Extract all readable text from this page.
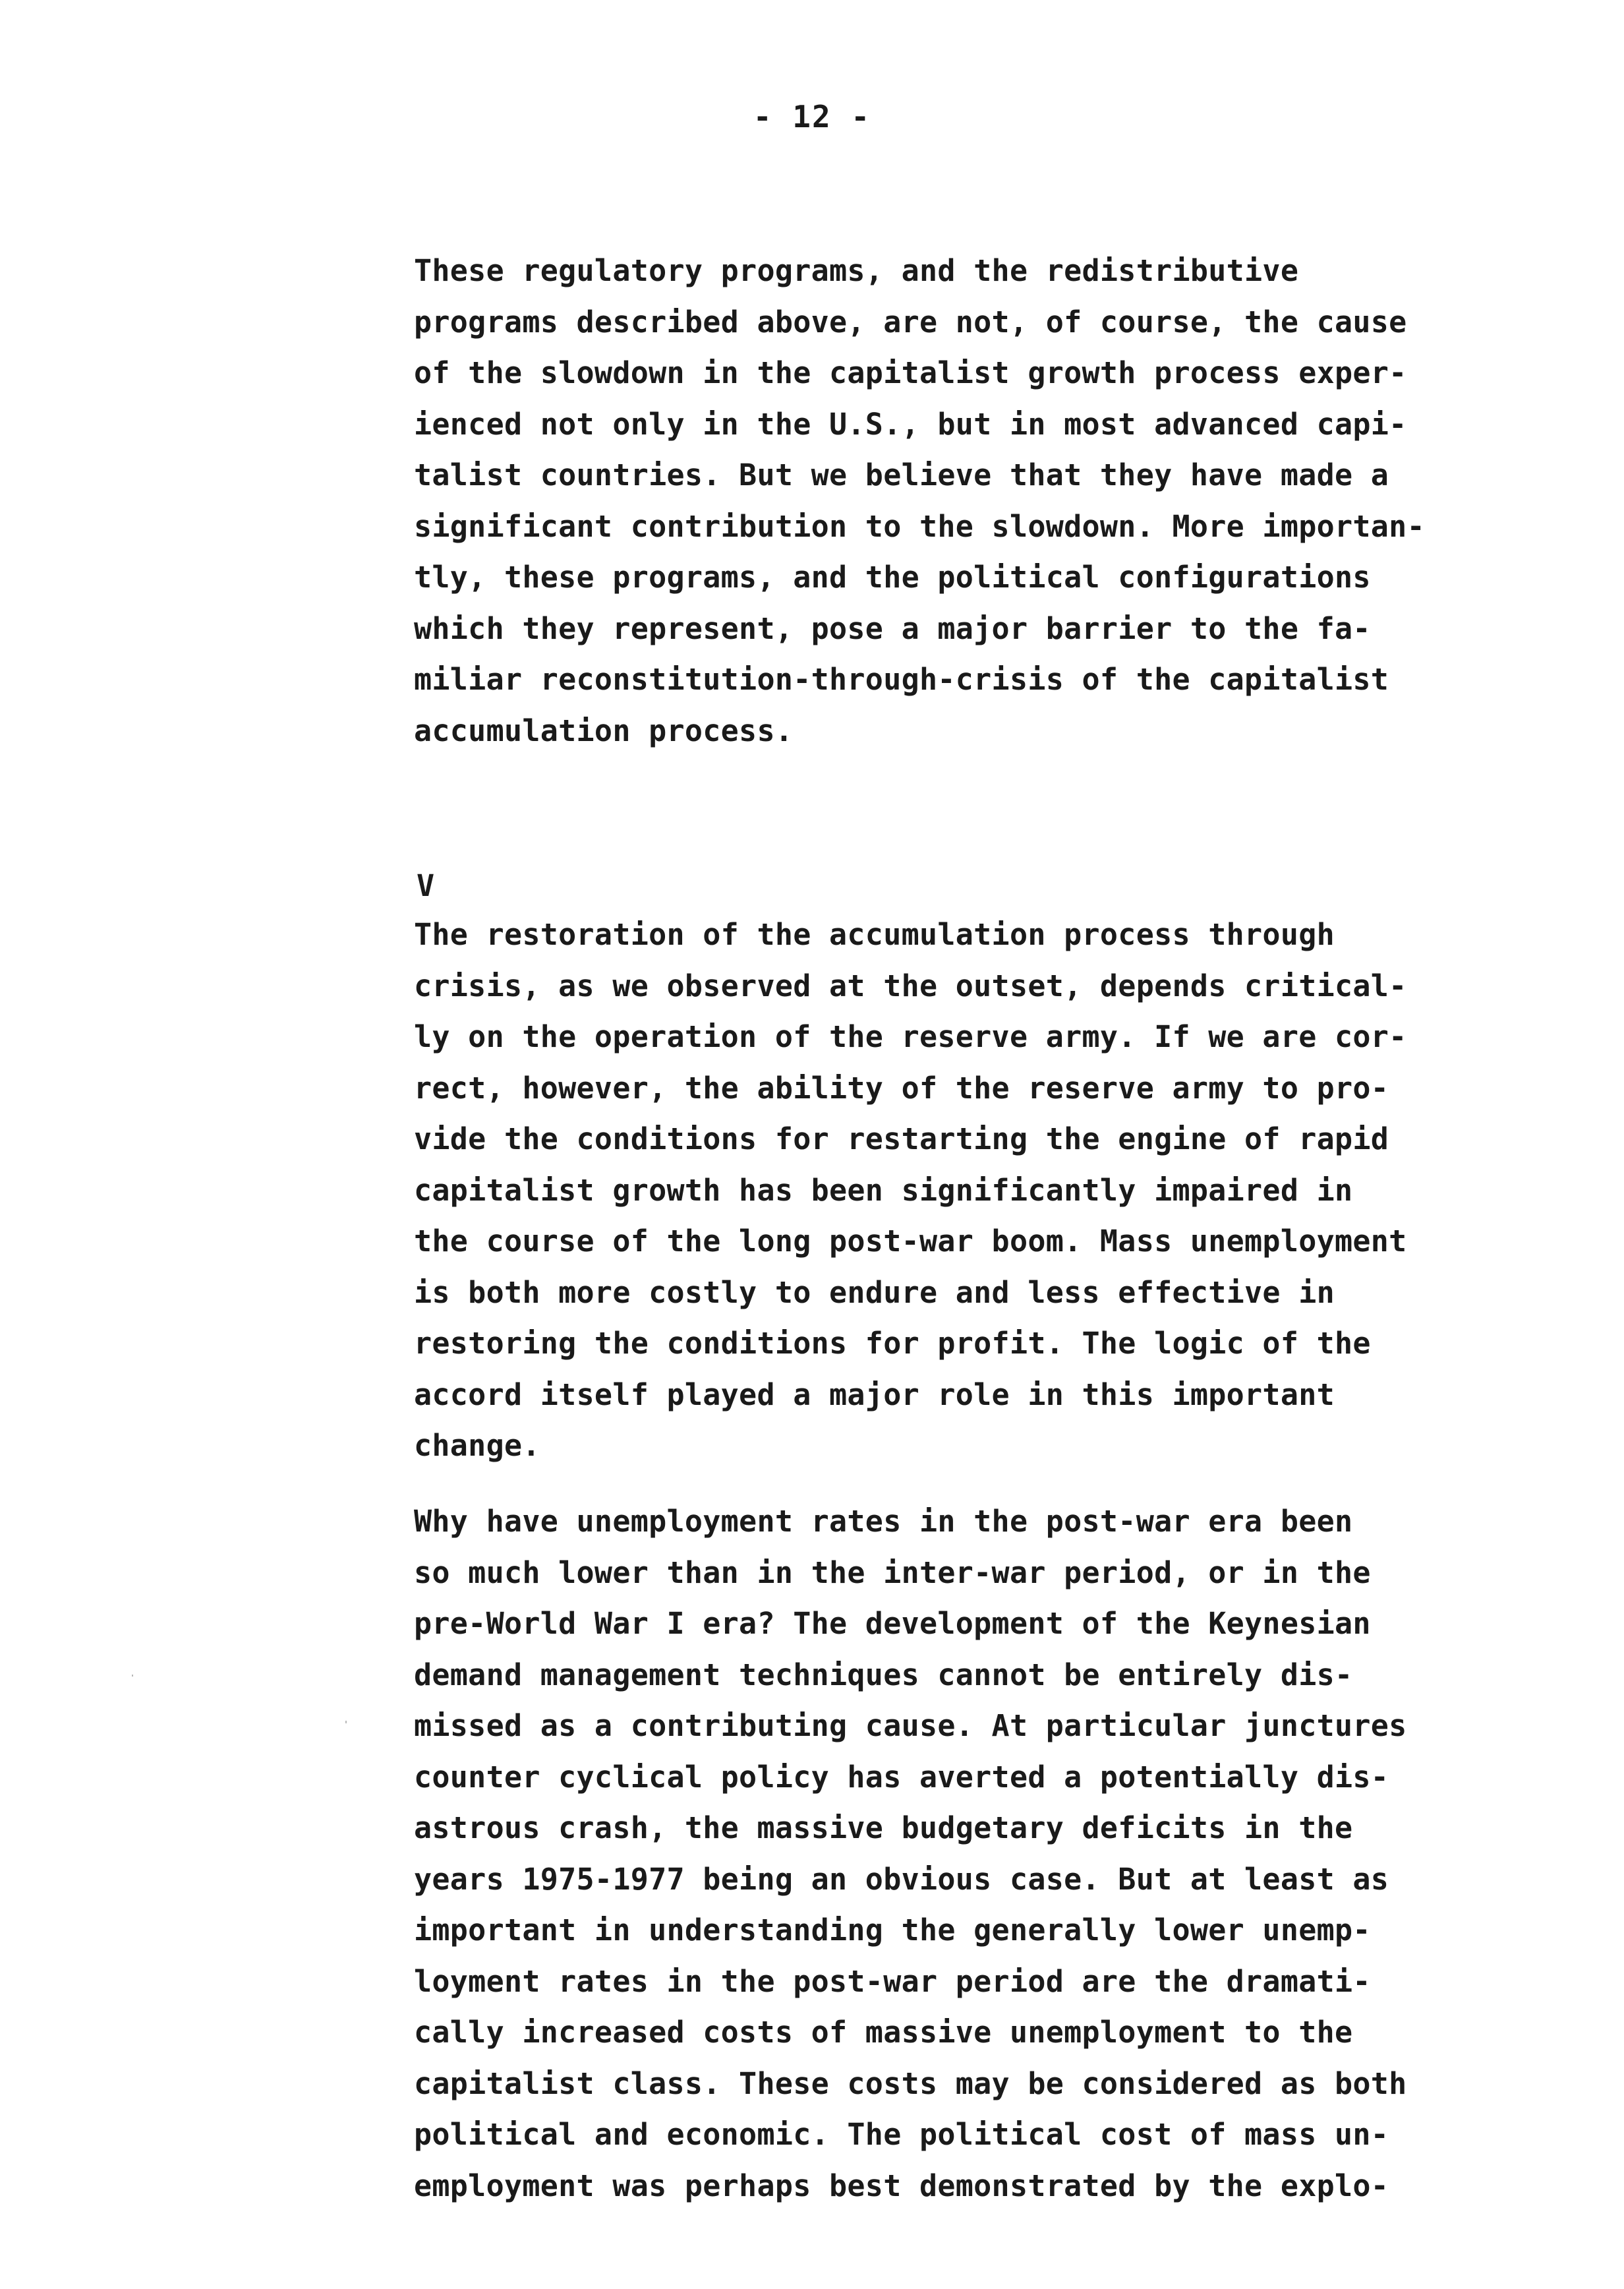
- 12 -
These regulatory programs, and the redistributive
programs described above, are not, of course, the cause
of the slowdown in the capitalist growth process exper-
ienced not only in the U.S., but in most advanced capi-
talist countries. But we believe that they have made a
significant contribution to the slowdown. More importan-
tly, these programs, and the political configurations
which they represent, pose a major barrier to the fa-
miliar reconstitution-through-crisis of the capitalist
accumulation process.
V
The restoration of the accumulation process through
crisis, as we observed at the outset, depends critical-
ly on the operation of the reserve army. If we are cor-
rect, however, the ability of the reserve army to pro-
vide the conditions for restarting the engine of rapid
capitalist growth has been significantly impaired in
the course of the long post-war boom. Mass unemployment
is both more costly to endure and less effective in
restoring the conditions for profit. The logic of the
accord itself played a major role in this important
change.
Why have unemployment rates in the post-war era been
so much lower than in the inter-war period, or in the
pre-World War I era? The development of the Keynesian
demand management techniques cannot be entirely dis-
missed as a contributing cause. At particular junctures
counter cyclical policy has averted a potentially dis-
astrous crash, the massive budgetary deficits in the
years 1975-1977 being an obvious case. But at least as
important in understanding the generally lower unemp-
loyment rates in the post-war period are the dramati-
cally increased costs of massive unemployment to the
capitalist class. These costs may be considered as both
political and economic. The political cost of mass un-
employment was perhaps best demonstrated by the explo-
